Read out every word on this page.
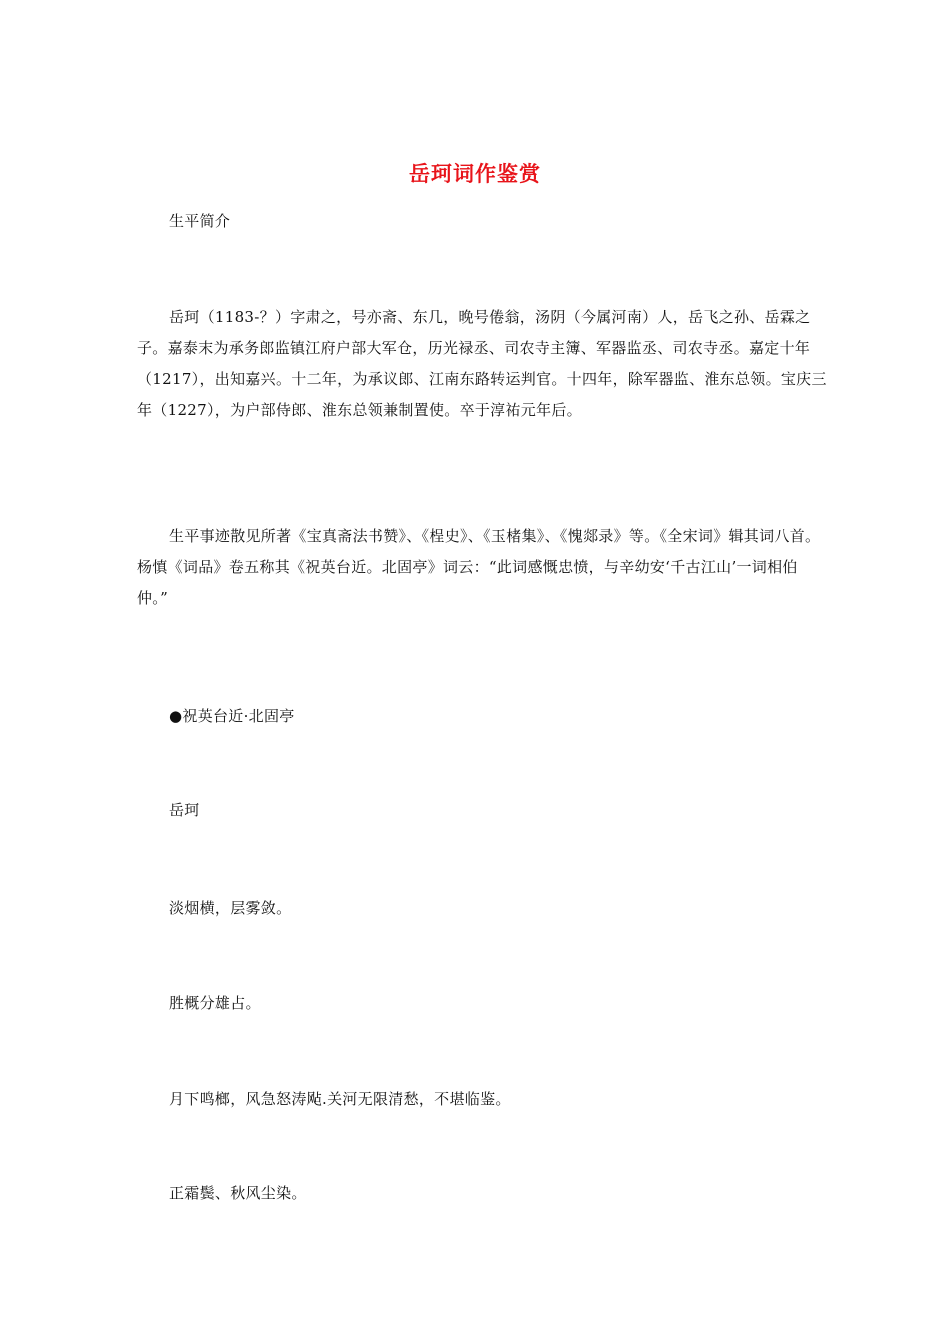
岳珂词作鉴赏

生平简介

岳珂（1183-？）字肃之，号亦斋、东几，晚号倦翁，汤阴（今属河南）人，岳飞之孙、岳霖之子。嘉泰末为承务郎监镇江府户部大军仓，历光禄丞、司农寺主簿、军器监丞、司农寺丞。嘉定十年（1217），出知嘉兴。十二年，为承议郎、江南东路转运判官。十四年，除军器监、淮东总领。宝庆三年（1227），为户部侍郎、淮东总领兼制置使。卒于淳祐元年后。

生平事迹散见所著《宝真斋法书赞》、《桯史》、《玉楮集》、《愧郯录》等。《全宋词》辑其词八首。杨慎《词品》卷五称其《祝英台近。北固亭》词云：“此词感慨忠愤，与辛幼安‘千古江山’一词相伯仲。”

●祝英台近·北固亭

岳珂

淡烟横，层雾敛。

胜概分雄占。

月下鸣榔，风急怒涛飐.关河无限清愁，不堪临鉴。

正霜鬓、秋风尘染。
